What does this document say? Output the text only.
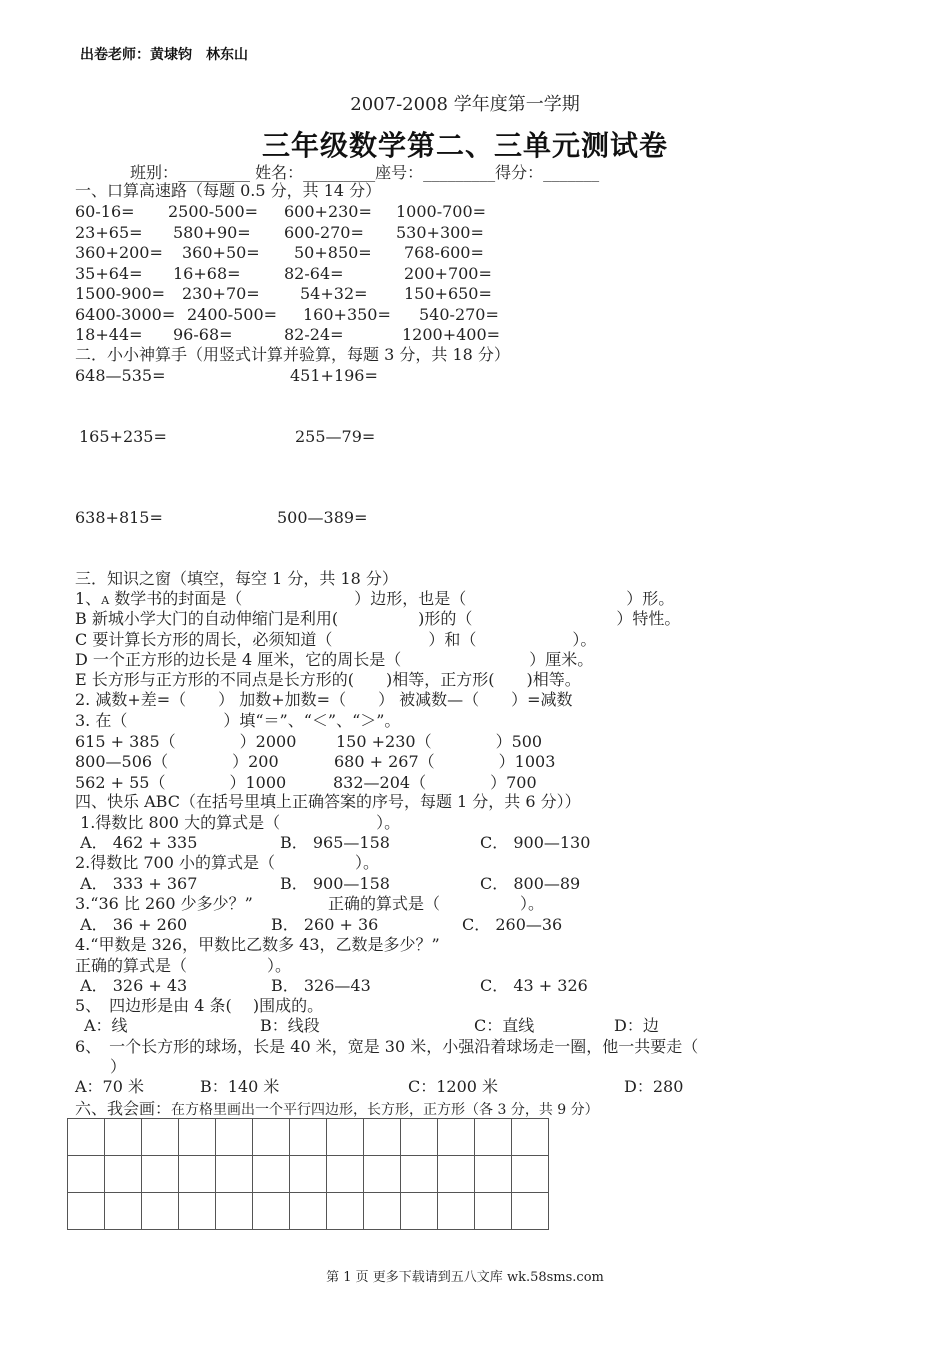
出卷老师：黄埭钧　林东山
2007-2008 学年度第一学期
三年级数学第二、三单元测试卷
班别：_________ 姓名：_________座号：_________得分：_______
一、口算高速路（每题 0.5 分，共 14 分）
60-16= 2500-500= 600+230= 1000-700=
23+65= 580+90= 600-270= 530+300=
360+200= 360+50= 50+850= 768-600=
35+64= 16+68=	82-64=	200+700=
1500-900= 230+70=	54+32= 150+650=
6400-3000= 2400-500= 160+350= 540-270=
18+44= 96-68=	82-24=	1200+400=
二．小小神算手（用竖式计算并验算，每题 3 分，共 18 分）
648—535=	451+196=
165+235=	255—79=
638+815=	500—389=
三．知识之窗（填空，每空 1 分，共 18 分）
1、A 数学书的封面是（　　　　　　　）边形，也是（　　　　　　　　　　）形。
B 新城小学大门的自动伸缩门是利用(　　　　　)形的（　　　　　　　　　）特性。
C 要计算长方形的周长，必须知道（　　　　　　）和（　　　　　　）。
D 一个正方形的边长是 4 厘米，它的周长是（　　　　　　　　）厘米。
E 长方形与正方形的不同点是长方形的(　　)相等，正方形(　　)相等。
2. 减数+差=（　　） 加数+加数=（　　） 被减数—（　　）=减数
3. 在（　　　　　　）填“＝”、“＜”、“＞”。
615 + 385（　　　　）2000 150 +230（　　　　）500
800—506（　　　　）200	680 + 267（　　　　）1003
562 + 55（　　　　）1000	832—204（　　　　）700
四、快乐 ABC（在括号里填上正确答案的序号，每题 1 分，共 6 分））
1.得数比 800 大的算式是（　　　　　　）。
A． 462 + 335	B． 965—158	C． 900—130
2.得数比 700 小的算式是（　　　　　）。
A． 333 + 367	B． 900—158	C． 800—89
3.“36 比 260 少多少？”	正确的算式是（　　　　　）。
A． 36 + 260	B． 260 + 36	C． 260—36
4.“甲数是 326，甲数比乙数多 43，乙数是多少？”
正确的算式是（　　　　　）。
A． 326 + 43	B． 326—43	C． 43 + 326
5、　四边形是由 4 条(　 )围成的。
A：线	B：线段	C：直线	D：边
6、　一个长方形的球场，长是 40 米，宽是 30 米，小强沿着球场走一圈，他一共要走（
）
A：70 米	B：140 米	C：1200 米	D：280
六、我会画：在方格里画出一个平行四边形，长方形，正方形（各 3 分，共 9 分）

第 1 页 更多下载请到五八文库 wk.58sms.com
